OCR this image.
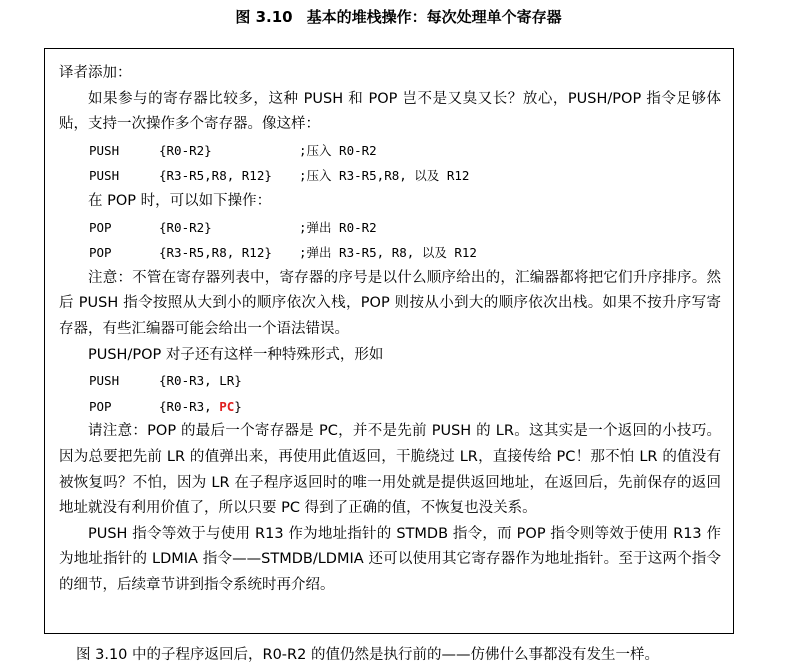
图 3.10 基本的堆栈操作：每次处理单个寄存器
译者添加：
如果参与的寄存器比较多，这种 PUSH 和 POP 岂不是又臭又长？放心，PUSH/POP 指令足够体贴，支持一次操作多个寄存器。像这样：
PUSH	{R0-R2}	;压入 R0-R2
PUSH	{R3-R5,R8, R12} ;压入 R3-R5,R8, 以及 R12
在 POP 时，可以如下操作：
POP	{R0-R2}	;弹出 R0-R2
POP	{R3-R5,R8, R12} ;弹出 R3-R5, R8, 以及 R12
注意：不管在寄存器列表中，寄存器的序号是以什么顺序给出的，汇编器都将把它们升序排序。然后 PUSH 指令按照从大到小的顺序依次入栈，POP 则按从小到大的顺序依次出栈。如果不按升序写寄存器，有些汇编器可能会给出一个语法错误。
PUSH/POP 对子还有这样一种特殊形式，形如
PUSH	{R0-R3, LR}
POP	{R0-R3, PC}
请注意：POP 的最后一个寄存器是 PC，并不是先前 PUSH 的 LR。这其实是一个返回的小技巧。因为总要把先前 LR 的值弹出来，再使用此值返回，干脆绕过 LR，直接传给 PC！那不怕 LR 的值没有被恢复吗？不怕，因为 LR 在子程序返回时的唯一用处就是提供返回地址，在返回后，先前保存的返回地址就没有利用价值了，所以只要 PC 得到了正确的值，不恢复也没关系。
PUSH 指令等效于与使用 R13 作为地址指针的 STMDB 指令，而 POP 指令则等效于使用 R13 作为地址指针的 LDMIA 指令——STMDB/LDMIA 还可以使用其它寄存器作为地址指针。至于这两个指令的细节，后续章节讲到指令系统时再介绍。
图 3.10 中的子程序返回后，R0-R2 的值仍然是执行前的——仿佛什么事都没有发生一样。
